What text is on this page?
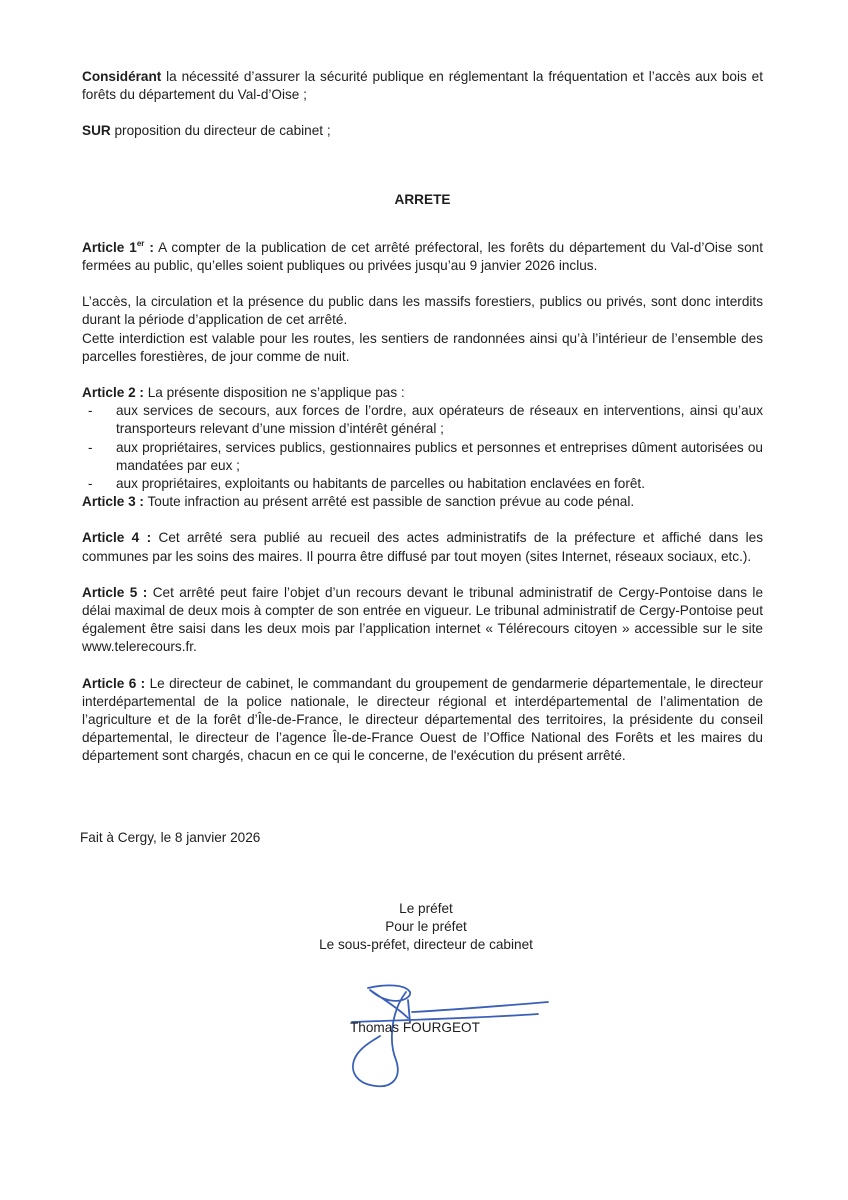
Considérant la nécessité d’assurer la sécurité publique en réglementant la fréquentation et l’accès aux bois et forêts du département du Val-d’Oise ;

SUR proposition du directeur de cabinet ;

ARRETE

Article 1er : A compter de la publication de cet arrêté préfectoral, les forêts du département du Val-d’Oise sont fermées au public, qu’elles soient publiques ou privées jusqu’au 9 janvier 2026 inclus.

L’accès, la circulation et la présence du public dans les massifs forestiers, publics ou privés, sont donc interdits durant la période d’application de cet arrêté.

Cette interdiction est valable pour les routes, les sentiers de randonnées ainsi qu’à l’intérieur de l’ensemble des parcelles forestières, de jour comme de nuit.

Article 2 : La présente disposition ne s’applique pas :

- aux services de secours, aux forces de l’ordre, aux opérateurs de réseaux en interventions, ainsi qu’aux transporteurs relevant d’une mission d’intérêt général ;
- aux propriétaires, services publics, gestionnaires publics et personnes et entreprises dûment autorisées ou mandatées par eux ;
- aux propriétaires, exploitants ou habitants de parcelles ou habitation enclavées en forêt.

Article 3 : Toute infraction au présent arrêté est passible de sanction prévue au code pénal.

Article 4 : Cet arrêté sera publié au recueil des actes administratifs de la préfecture et affiché dans les communes par les soins des maires. Il pourra être diffusé par tout moyen (sites Internet, réseaux sociaux, etc.).

Article 5 : Cet arrêté peut faire l’objet d’un recours devant le tribunal administratif de Cergy-Pontoise dans le délai maximal de deux mois à compter de son entrée en vigueur. Le tribunal administratif de Cergy-Pontoise peut également être saisi dans les deux mois par l’application internet « Télérecours citoyen » accessible sur le site www.telerecours.fr.

Article 6 : Le directeur de cabinet, le commandant du groupement de gendarmerie départementale, le directeur interdépartemental de la police nationale, le directeur régional et interdépartemental de l’alimentation de l’agriculture et de la forêt d’Île-de-France, le directeur départemental des territoires, la présidente du conseil départemental, le directeur de l’agence Île-de-France Ouest de l’Office National des Forêts et les maires du département sont chargés, chacun en ce qui le concerne, de l'exécution du présent arrêté.

Fait à Cergy, le 8 janvier 2026
Le préfet
Pour le préfet
Le sous-préfet, directeur de cabinet
Thomas FOURGEOT
